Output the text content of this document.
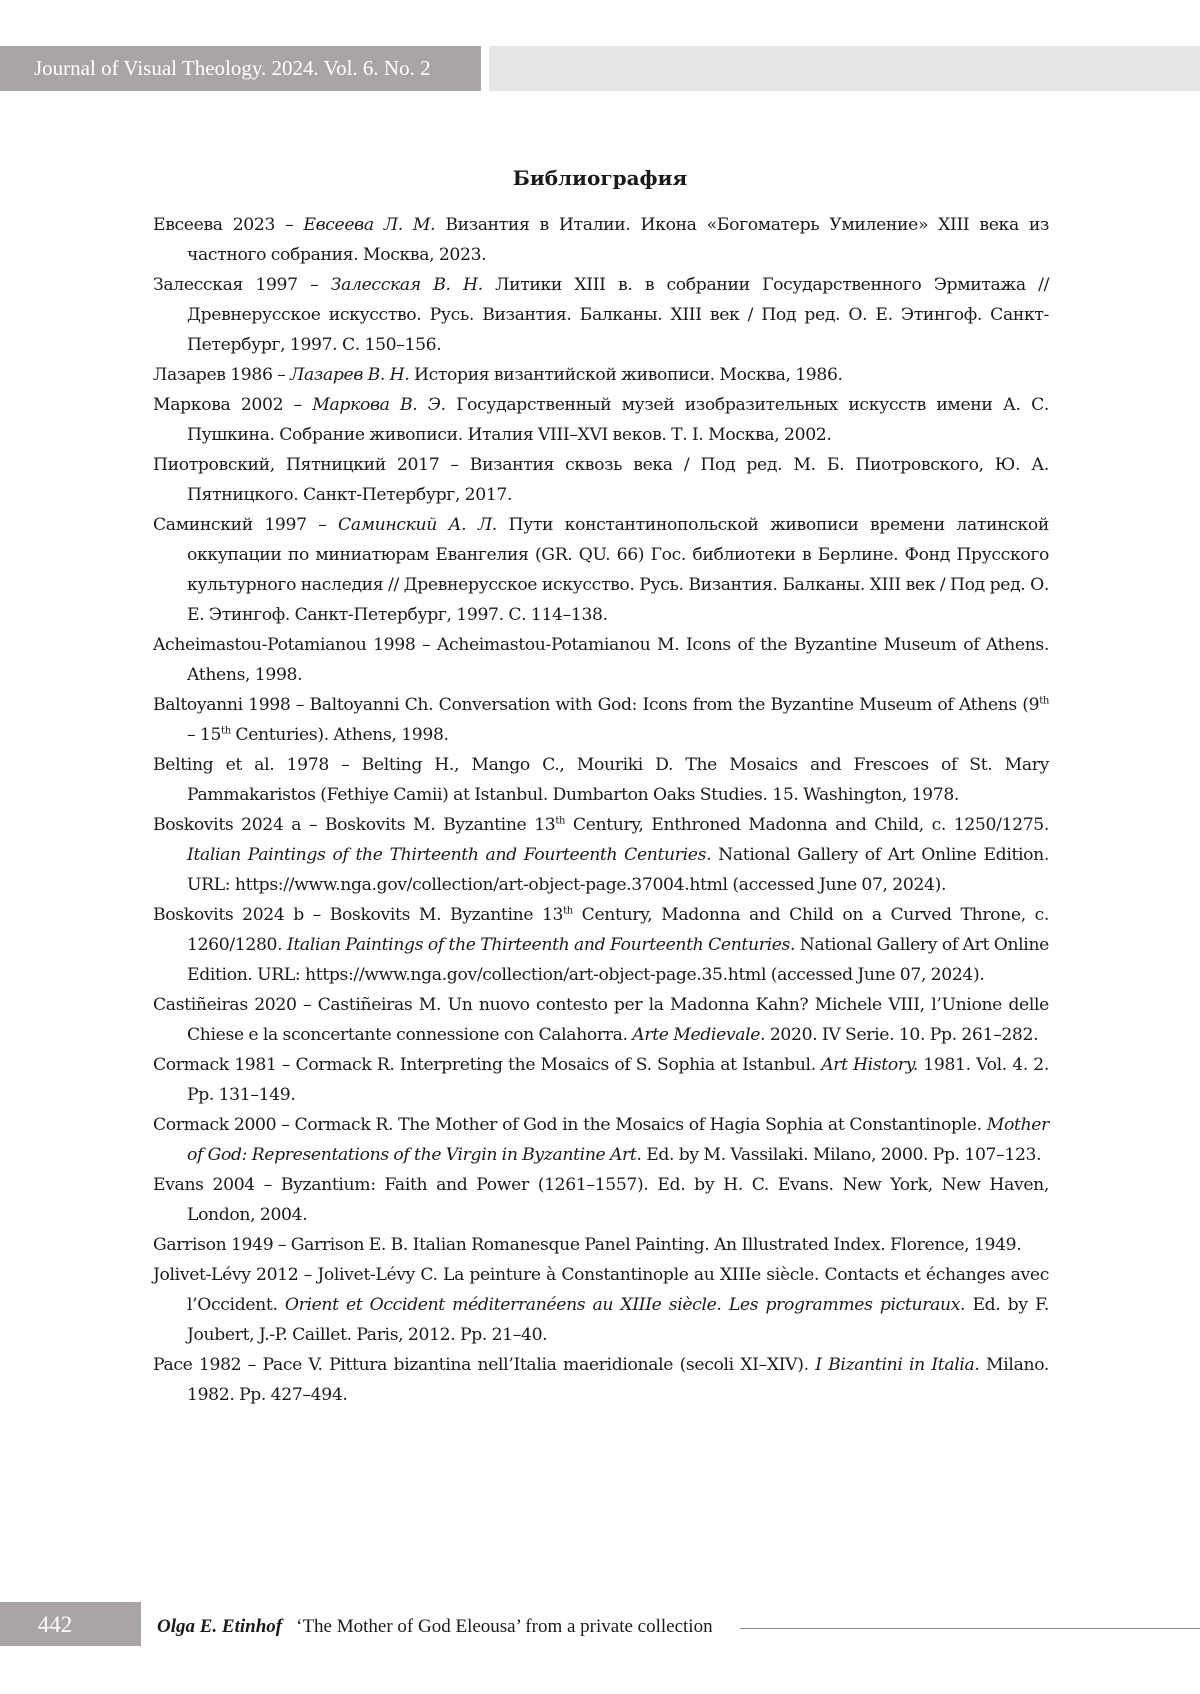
Journal of Visual Theology. 2024. Vol. 6. No. 2
Библиография
Евсеева 2023 – Евсеева Л. М. Византия в Италии. Икона «Богоматерь Умиление» XIII века из частного собрания. Москва, 2023.
Залесская 1997 – Залесская В. Н. Литики XIII в. в собрании Государственного Эрмитажа // Древнерусское искусство. Русь. Византия. Балканы. XIII век / Под ред. О. Е. Этингоф. Санкт-Петербург, 1997. С. 150–156.
Лазарев 1986 – Лазарев В. Н. История византийской живописи. Москва, 1986.
Маркова 2002 – Маркова В. Э. Государственный музей изобразительных искусств имени А. С. Пушкина. Собрание живописи. Италия VIII–XVI веков. Т. I. Москва, 2002.
Пиотровский, Пятницкий 2017 – Византия сквозь века / Под ред. М. Б. Пиотровского, Ю. А. Пятницкого. Санкт-Петербург, 2017.
Саминский 1997 – Саминский А. Л. Пути константинопольской живописи времени латинской оккупации по миниатюрам Евангелия (GR. QU. 66) Гос. библиотеки в Берлине. Фонд Прусского культурного наследия // Древнерусское искусство. Русь. Византия. Балканы. XIII век / Под ред. О. Е. Этингоф. Санкт-Петербург, 1997. С. 114–138.
Acheimastou-Potamianou 1998 – Acheimastou-Potamianou M. Icons of the Byzantine Museum of Athens. Athens, 1998.
Baltoyanni 1998 – Baltoyanni Ch. Conversation with God: Icons from the Byzantine Museum of Athens (9th – 15th Centuries). Athens, 1998.
Belting et al. 1978 – Belting H., Mango C., Mouriki D. The Mosaics and Frescoes of St. Mary Pammakaristos (Fethiye Camii) at Istanbul. Dumbarton Oaks Studies. 15. Washington, 1978.
Boskovits 2024 a – Boskovits M. Byzantine 13th Century, Enthroned Madonna and Child, c. 1250/1275. Italian Paintings of the Thirteenth and Fourteenth Centuries. National Gallery of Art Online Edition. URL: https://www.nga.gov/collection/art-object-page.37004.html (accessed June 07, 2024).
Boskovits 2024 b – Boskovits M. Byzantine 13th Century, Madonna and Child on a Curved Throne, c. 1260/1280. Italian Paintings of the Thirteenth and Fourteenth Centuries. National Gallery of Art Online Edition. URL: https://www.nga.gov/collection/art-object-page.35.html (accessed June 07, 2024).
Castiñeiras 2020 – Castiñeiras M. Un nuovo contesto per la Madonna Kahn? Michele VIII, l’Unione delle Chiese e la sconcertante connessione con Calahorra. Arte Medievale. 2020. IV Serie. 10. Pp. 261–282.
Cormack 1981 – Cormack R. Interpreting the Mosaics of S. Sophia at Istanbul. Art History. 1981. Vol. 4. 2. Pp. 131–149.
Cormack 2000 – Cormack R. The Mother of God in the Mosaics of Hagia Sophia at Constantinople. Mother of God: Representations of the Virgin in Byzantine Art. Ed. by M. Vassilaki. Milano, 2000. Pp. 107–123.
Evans 2004 – Byzantium: Faith and Power (1261–1557). Ed. by H. C. Evans. New York, New Haven, London, 2004.
Garrison 1949 – Garrison E. B. Italian Romanesque Panel Painting. An Illustrated Index. Florence, 1949.
Jolivet-Lévy 2012 – Jolivet-Lévy C. La peinture à Constantinople au XIIIe siècle. Contacts et échanges avec l’Occident. Orient et Occident méditerranéens au XIIIe siècle. Les programmes picturaux. Ed. by F. Joubert, J.-P. Caillet. Paris, 2012. Pp. 21–40.
Pace 1982 – Pace V. Pittura bizantina nell’Italia maeridionale (secoli XI–XIV). I Bizantini in Italia. Milano. 1982. Pp. 427–494.
442	Olga E. Etinhof ‘The Mother of God Eleousa’ from a private collection
